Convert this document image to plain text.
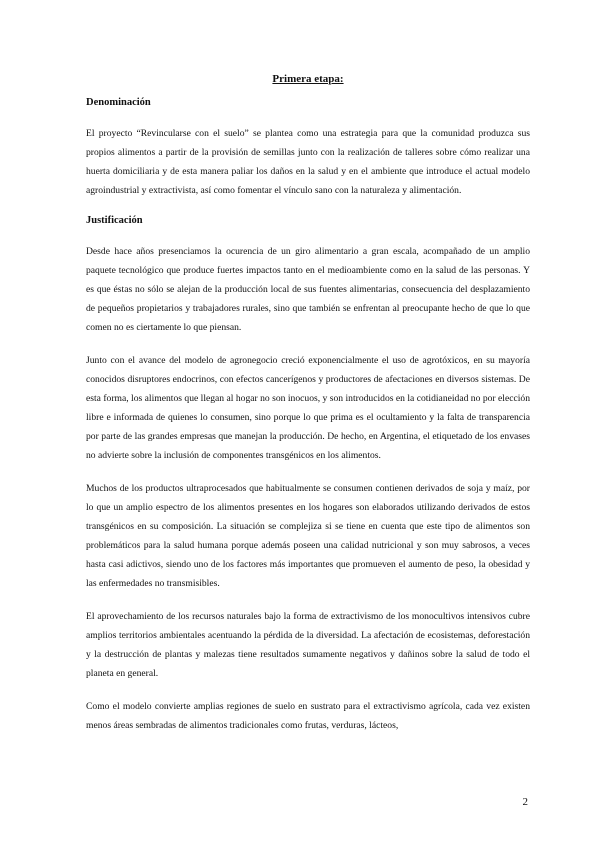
Primera etapa:
Denominación

El proyecto “Revincularse con el suelo” se plantea como una estrategia para que la comunidad produzca sus propios alimentos a partir de la provisión de semillas junto con la realización de talleres sobre cómo realizar una huerta domiciliaria y de esta manera paliar los daños en la salud y en el ambiente que introduce el actual modelo agroindustrial y extractivista, así como fomentar el vínculo sano con la naturaleza y alimentación.

Justificación

Desde hace años presenciamos la ocurencia de un giro alimentario a gran escala, acompañado de un amplio paquete tecnológico que produce fuertes impactos tanto en el medioambiente como en la salud de las personas. Y es que éstas no sólo se alejan de la producción local de sus fuentes alimentarias, consecuencia del desplazamiento de pequeños propietarios y trabajadores rurales, sino que también se enfrentan al preocupante hecho de que lo que comen no es ciertamente lo que piensan.

Junto con el avance del modelo de agronegocio creció exponencialmente el uso de agrotóxicos, en su mayoría conocidos disruptores endocrinos, con efectos cancerígenos y productores de afectaciones en diversos sistemas. De esta forma, los alimentos que llegan al hogar no son inocuos, y son introducidos en la cotidianeidad no por elección libre e informada de quienes lo consumen, sino porque lo que prima es el ocultamiento y la falta de transparencia por parte de las grandes empresas que manejan la producción. De hecho, en Argentina, el etiquetado de los envases no advierte sobre la inclusión de componentes transgénicos en los alimentos.

Muchos de los productos ultraprocesados que habitualmente se consumen contienen derivados de soja y maíz, por lo que un amplio espectro de los alimentos presentes en los hogares son elaborados utilizando derivados de estos transgénicos en su composición. La situación se complejiza si se tiene en cuenta que este tipo de alimentos son problemáticos para la salud humana porque además poseen una calidad nutricional y son muy sabrosos, a veces hasta casi adictivos, siendo uno de los factores más importantes que promueven el aumento de peso, la obesidad y las enfermedades no transmisibles.

El aprovechamiento de los recursos naturales bajo la forma de extractivismo de los monocultivos intensivos cubre amplios territorios ambientales acentuando la pérdida de la diversidad. La afectación de ecosistemas, deforestación y la destrucción de plantas y malezas tiene resultados sumamente negativos y dañinos sobre la salud de todo el planeta en general.

Como el modelo convierte amplias regiones de suelo en sustrato para el extractivismo agrícola, cada vez existen menos áreas sembradas de alimentos tradicionales como frutas, verduras, lácteos,

2
